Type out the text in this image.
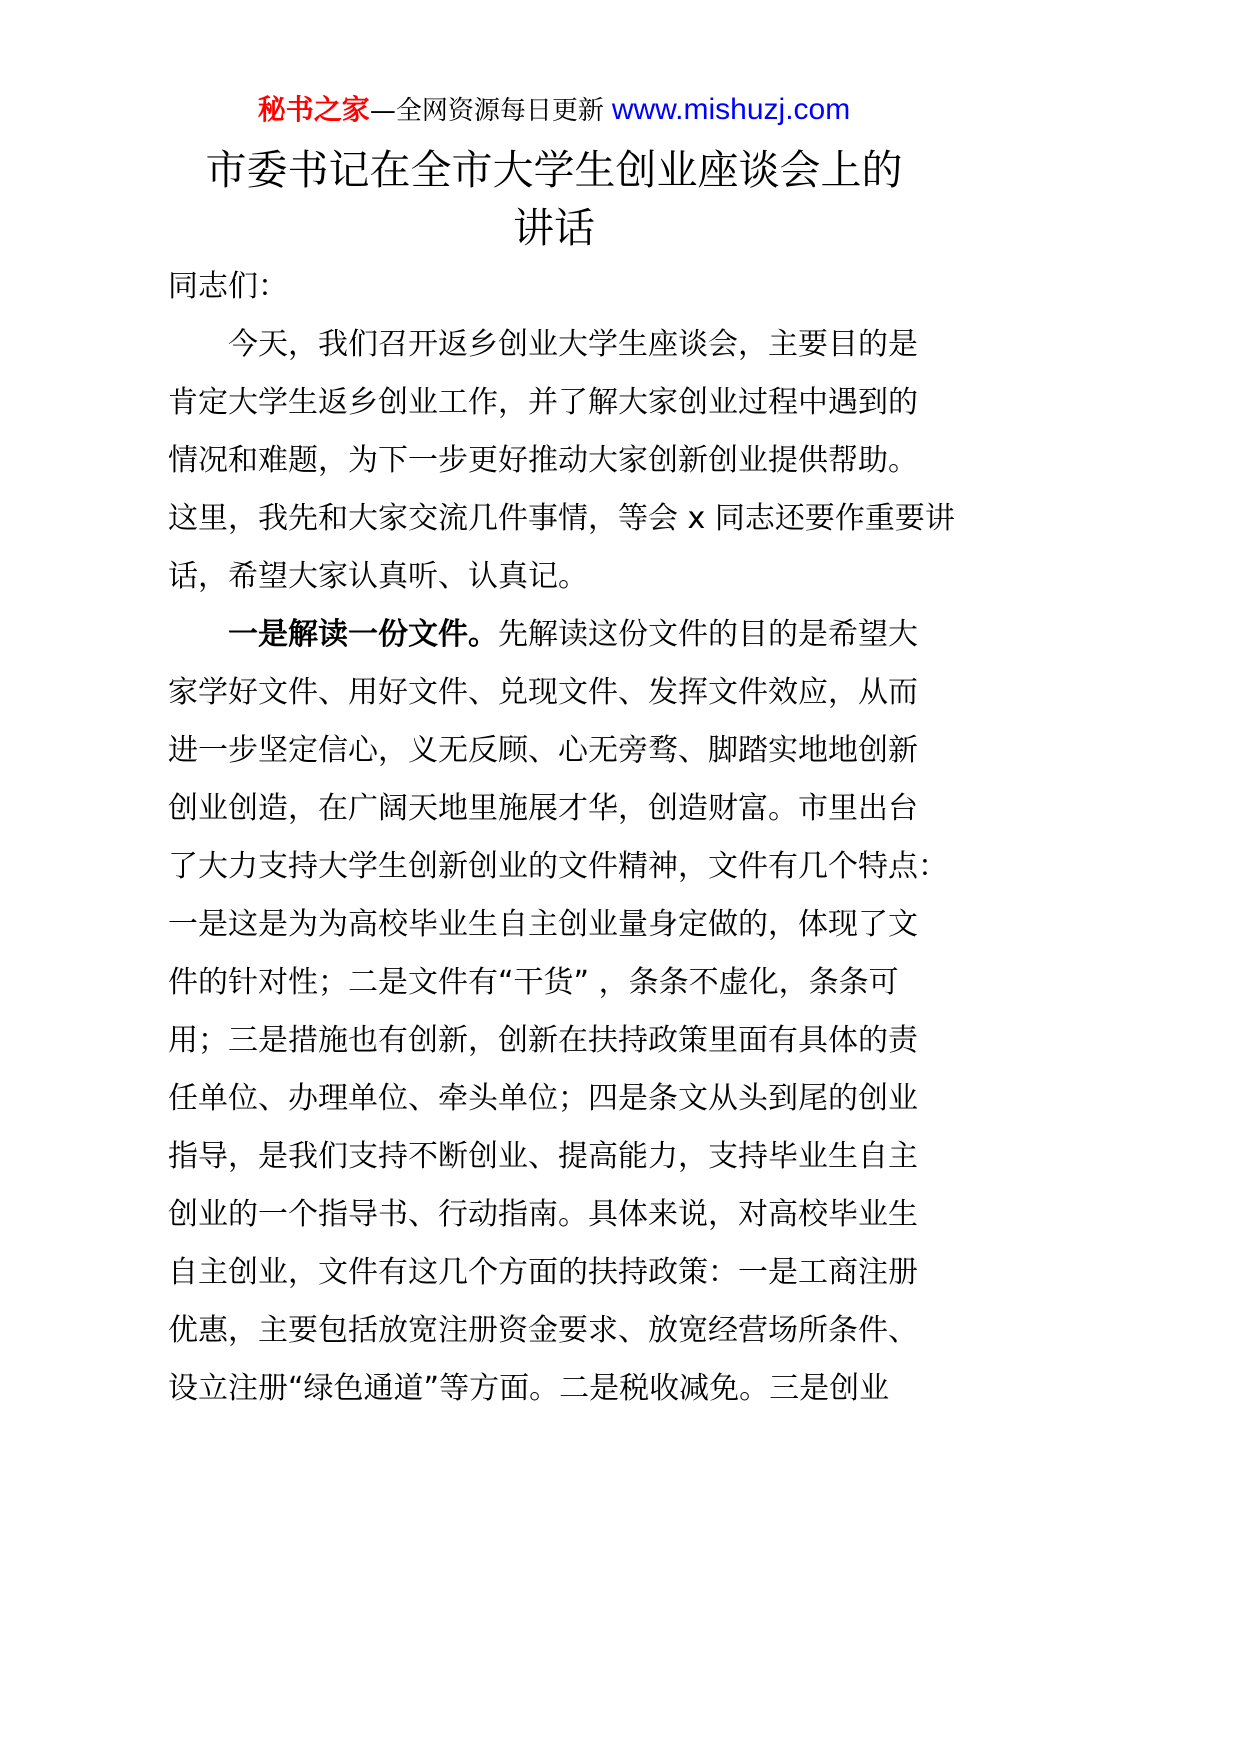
秘书之家—全网资源每日更新 www.mishuzj.com
市委书记在全市大学生创业座谈会上的
讲话
同志们：
今天，我们召开返乡创业大学生座谈会，主要目的是
肯定大学生返乡创业工作，并了解大家创业过程中遇到的
情况和难题，为下一步更好推动大家创新创业提供帮助。
这里，我先和大家交流几件事情，等会 x 同志还要作重要讲
话，希望大家认真听、认真记。
一是解读一份文件。先解读这份文件的目的是希望大
家学好文件、用好文件、兑现文件、发挥文件效应，从而
进一步坚定信心，义无反顾、心无旁骛、脚踏实地地创新
创业创造，在广阔天地里施展才华，创造财富。市里出台
了大力支持大学生创新创业的文件精神，文件有几个特点：
一是这是为为高校毕业生自主创业量身定做的，体现了文
件的针对性；二是文件有“干货” ，条条不虚化，条条可
用；三是措施也有创新，创新在扶持政策里面有具体的责
任单位、办理单位、牵头单位；四是条文从头到尾的创业
指导，是我们支持不断创业、提高能力，支持毕业生自主
创业的一个指导书、行动指南。具体来说，对高校毕业生
自主创业，文件有这几个方面的扶持政策：一是工商注册
优惠，主要包括放宽注册资金要求、放宽经营场所条件、
设立注册“绿色通道”等方面。二是税收减免。三是创业
